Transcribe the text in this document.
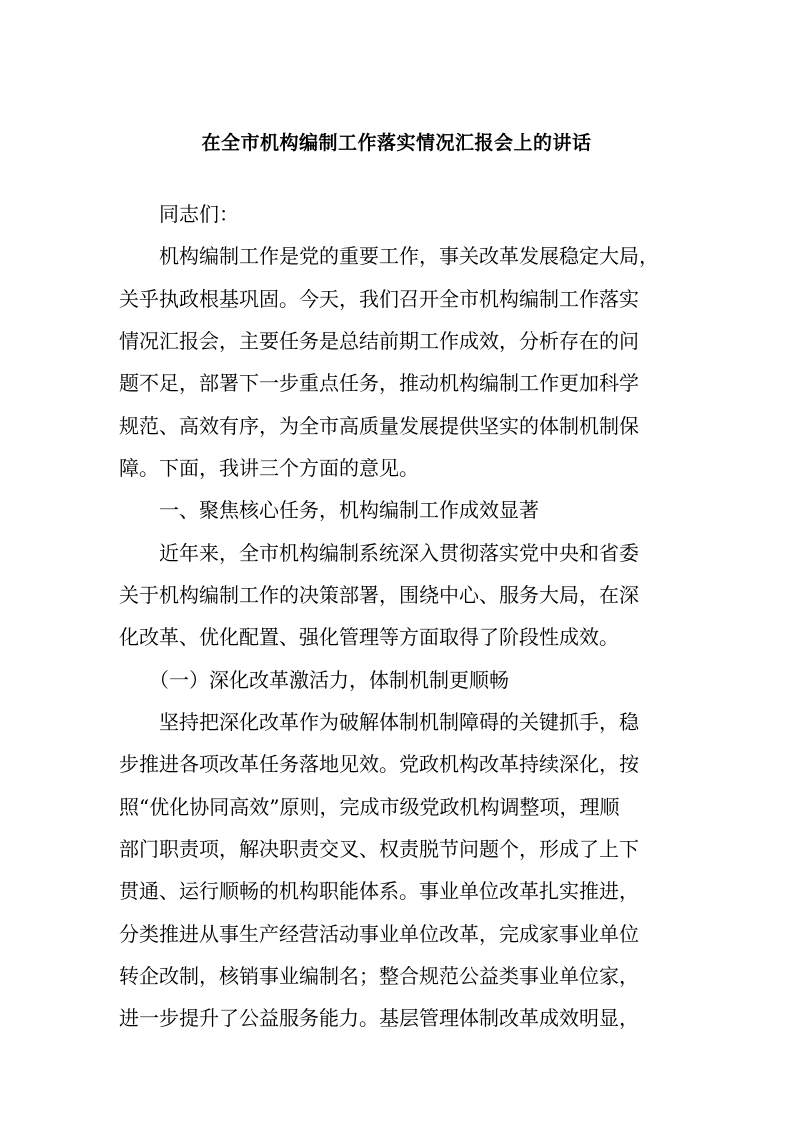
在全市机构编制工作落实情况汇报会上的讲话

　　同志们：

　　机构编制工作是党的重要工作，事关改革发展稳定大局，

关乎执政根基巩固。今天，我们召开全市机构编制工作落实

情况汇报会，主要任务是总结前期工作成效，分析存在的问

题不足，部署下一步重点任务，推动机构编制工作更加科学

规范、高效有序，为全市高质量发展提供坚实的体制机制保

障。下面，我讲三个方面的意见。

　　一、聚焦核心任务，机构编制工作成效显著

　　近年来，全市机构编制系统深入贯彻落实党中央和省委

关于机构编制工作的决策部署，围绕中心、服务大局，在深

化改革、优化配置、强化管理等方面取得了阶段性成效。

　　（一）深化改革激活力，体制机制更顺畅

　　坚持把深化改革作为破解体制机制障碍的关键抓手，稳

步推进各项改革任务落地见效。党政机构改革持续深化，按

照“优化协同高效”原则，完成市级党政机构调整项，理顺

部门职责项，解决职责交叉、权责脱节问题个，形成了上下

贯通、运行顺畅的机构职能体系。事业单位改革扎实推进，

分类推进从事生产经营活动事业单位改革，完成家事业单位

转企改制，核销事业编制名；整合规范公益类事业单位家，

进一步提升了公益服务能力。基层管理体制改革成效明显，
